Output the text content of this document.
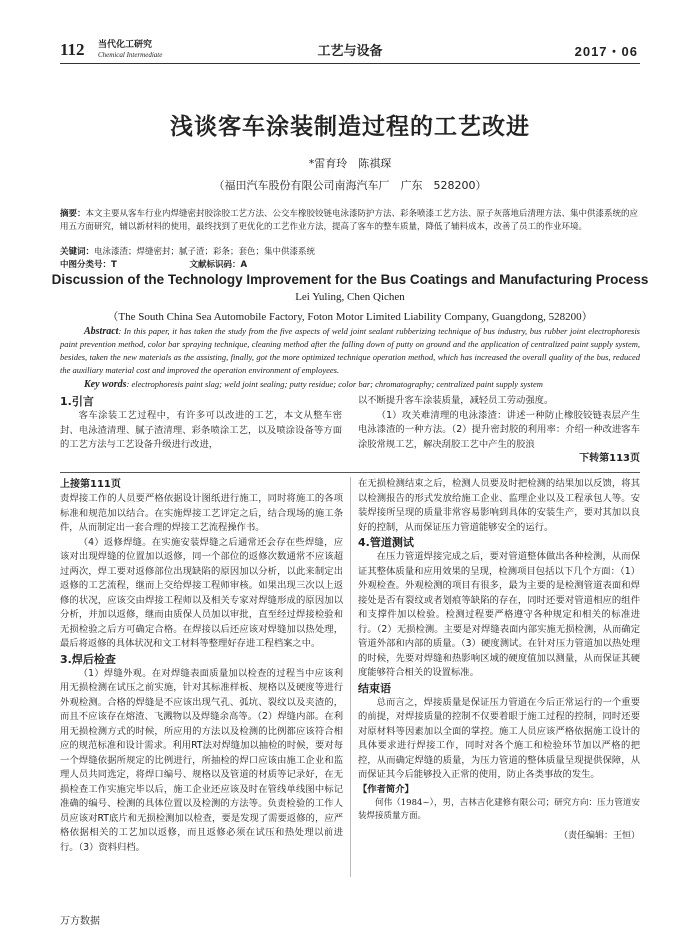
112 当代化工研究
Chemical Intermediate	工艺与设备	2017・06
浅谈客车涂装制造过程的工艺改进
*雷育玲　陈祺琛
（福田汽车股份有限公司南海汽车厂　广东　528200）
摘要：本文主要从客车行业内焊缝密封胶涂胶工艺方法、公交车橡胶铰链电泳漆防护方法、彩条喷漆工艺方法、原子灰落地后清理方法、集中供漆系统的应用五方面研究，辅以新材料的使用，最终找到了更优化的工艺作业方法，提高了客车的整车质量，降低了辅料成本，改善了员工的作业环境。
关键词：电泳漆渣；焊缝密封；腻子渣；彩条；套色；集中供漆系统
中图分类号：T	文献标识码：A
Discussion of the Technology Improvement for the Bus Coatings and Manufacturing Process
Lei Yuling, Chen Qichen
（The South China Sea Automobile Factory, Foton Motor Limited Liability Company, Guangdong, 528200）
Abstract: In this paper, it has taken the study from the five aspects of weld joint sealant rubberizing technique of bus industry, bus rubber joint electrophoresis paint prevention method, color bar spraying technique, cleaning method after the falling down of putty on ground and the application of centralized paint supply system, besides, taken the new materials as the assisting, finally, got the more optimized technique operation method, which has increased the overall quality of the bus, reduced the auxiliary material cost and improved the operation environment of employees.
Key words: electrophoresis paint slag; weld joint sealing; putty residue; color bar; chromatography; centralized paint supply system
1.引言

客车涂装工艺过程中，有许多可以改进的工艺，本文从整车密封、电泳渣清理、腻子渣清理、彩条喷涂工艺，以及喷涂设备等方面的工艺方法与工艺设备升级进行改进，

以不断提升客车涂装质量，减轻员工劳动强度。

（1）攻关难清理的电泳漆渣：讲述一种防止橡胶铰链表层产生电泳漆渣的一种方法。（2）提升密封胶的利用率：介绍一种改进客车涂胶常规工艺，解决刮胶工艺中产生的胶浪

下转第113页
上接第111页

责焊接工作的人员要严格依据设计图纸进行施工，同时将施工的各项标准和规范加以结合。在实施焊接工艺评定之后，结合现场的施工条件，从而制定出一套合理的焊接工艺流程操作书。

（4）返修焊缝。在实施安装焊缝之后通常还会存在些焊缝，应该对出现焊缝的位置加以返修，同一个部位的返修次数通常不应该超过两次，焊工要对返修部位出现缺陷的原因加以分析，以此来制定出返修的工艺流程，继而上交给焊接工程师审核。如果出现三次以上返修的状况，应该交由焊接工程师以及相关专家对焊缝形成的原因加以分析，并加以返修，继而由质保人员加以审批，直至经过焊接检验和无损检验之后方可确定合格。在焊接以后还应该对焊缝加以热处理，最后将返修的具体状况和文工材料等整理好存进工程档案之中。

3.焊后检查

（1）焊缝外观。在对焊缝表面质量加以检查的过程当中应该利用无损检测在试压之前实施，针对其标准样板、规格以及硬度等进行外观检测。合格的焊缝是不应该出现气孔、弧坑、裂纹以及夹渣的，而且不应该存在熔渣、飞溅物以及焊缝余高等。（2）焊缝内部。在利用无损检测方式的时候，所应用的方法以及检测的比例都应该符合相应的规范标准和设计需求。利用RT法对焊缝加以抽检的时候，要对每一个焊缝依据所规定的比例进行，所抽检的焊口应该由施工企业和监理人员共同选定，将焊口编号、规格以及管道的材质等记录好，在无损检查工作实施完毕以后，施工企业还应该及时在管线单线图中标记准确的编号、检测的具体位置以及检测的方法等。负责检验的工作人员应该对RT底片和无损检测加以检查，要是发现了需要返修的，应严格依据相关的工艺加以返修，而且返修必须在试压和热处理以前进行。（3）资料归档。

在无损检测结束之后，检测人员要及时把检测的结果加以反馈，将其以检测报告的形式发放给施工企业、监理企业以及工程承包人等。安装焊接所呈现的质量非常容易影响到具体的安装生产，要对其加以良好的控制，从而保证压力管道能够安全的运行。

4.管道测试

在压力管道焊接完成之后，要对管道整体做出各种检测，从而保证其整体质量和应用效果的呈现，检测项目包括以下几个方面：（1）外观检查。外观检测的项目有很多，最为主要的是检测管道表面和焊接处是否有裂纹或者划痕等缺陷的存在，同时还要对管道相应的组件和支撑件加以检验。检测过程要严格遵守各种规定和相关的标准进行。（2）无损检测。主要是对焊缝表面内部实施无损检测，从而确定管道外部和内部的质量。（3）硬度测试。在针对压力管道加以热处理的时候，先要对焊缝和热影响区域的硬度值加以测量，从而保证其硬度能够符合相关的设置标准。

结束语

总而言之，焊接质量是保证压力管道在今后正常运行的一个重要的前提，对焊接质量的控制不仅要着眼于施工过程的控制，同时还要对原材料等因素加以全面的掌控。施工人员应该严格依据施工设计的具体要求进行焊接工作，同时对各个施工和检验环节加以严格的把控，从而确定焊缝的质量，为压力管道的整体质量呈现提供保障，从而保证其今后能够投入正常的使用，防止各类事故的发生。

【作者简介】

何伟（1984~），男，吉林吉化建修有限公司；研究方向：压力管道安装焊接质量方面。

（责任编辑：王恒）
万方数据
